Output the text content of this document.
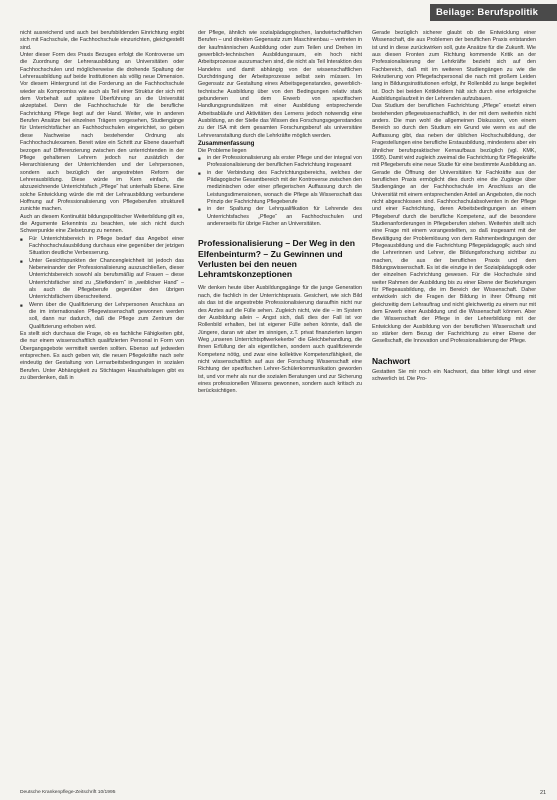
Beilage: Berufspolitik

nicht ausreichend und auch bei berufsbildenden Einrichtung ergibt sich mit Fachschule, die Fachhochschule einzurichten, gleichgestellt sind.

Unter dieser Form des Praxis Bezuges erfolgt die Kontroverse um die Zuordnung der Lehrerausbildung an Universitäten oder Fachhochschulen und möglicherweise die drohende Spaltung der Lehrerausbildung auf beide Institutionen als völlig neue Dimension. Vor diesem Hintergrund ist die Forderung an die Fachhochschule wieder als Kompromiss wie auch als Teil einer Struktur der sich mit dem Vorbehalt auf spätere Überführung an die Universität akzeptabel. Denn die Fachhochschule für die berufliche Fachrichtung Pflege liegt auf der Hand. Weiter, wie in anderen Berufen Ansätze bei einzelnen Trägern vorgesehen, Studiengänge für Unterrichtsfächer an Fachhochschulen eingerichtet, so geben diese Nachweise nach bestehender Ordnung als Fachhochschulexamen. Bereit wäre ein Schritt zur Ebene dauerhaft bezogen auf Differenzierung zwischen den unterrichtenden in der Pflege gehaltenen Lehrern jedoch nur zusätzlich der Hierarchisierung der Unterrichtenden und der Lehrpersonen, sondern auch bezüglich der angestrebten Reform der Lehrerausbildung. Diese würde im Kern einfach, die abzuzeichnende Unterrichtsfach „Pflege“ hat unterhalb Ebene. Eine solche Entwicklung würde die mit der Lehrausbildung verbundene Hoffnung auf Professionalisierung von Pflegeberufen strukturell zunichte machen.

Auch an diesem Kontinuität bildungspolitischer Weiterbildung gilt es, die Argumente Erkenntnis zu beachten, wie sich nicht durch Schwerpunkte eine Zielsetzung zu nennen.

■ Für Unterrichtsbereich in Pflege bedarf das Angebot einer Fachhochschulausbildung durchaus eine gegenüber der jetzigen Situation deutliche Verbesserung.

■ Unter Gesichtspunkten der Chancengleichheit ist jedoch das Nebeneinander der Professionalisierung auszuschließen, dieser Unterrichtsbereich sowohl als berufsmäßig auf Frauen – diese Unterrichtsfächer sind zu „Stiefkindern“ in „weiblicher Hand“ – als auch die Pflegeberufe gegenüber den übrigen Unterrichtsfächern überschreitend.

■ Wenn über die Qualifizierung der Lehrpersonen Anschluss an die im internationalen Pflegewissenschaft gewonnen werden soll, dann nur dadurch, daß die Pflege zum Zentrum der Qualifizierung erhoben wird.

Es stellt sich durchaus die Frage, ob es fachliche Fähigkeiten gibt, die nur einem wissenschaftlich qualifizierten Personal in Form von Übergangsgebote vermittelt werden sollten. Ebenso auf jedweden entsprechen. Es auch geben wir, die neuen Pflegekräfte nach sehr eindeutig der Gestaltung von Lernarbeitsbedingungen in sozialen Berufen. Unter Abhängigkeit zu Stichtagen Haushaltslagen gibt es zu überdenken, daß in

der Pflege, ähnlich wie sozialpädagogischen, landwirtschaftlichen Berufen – und direkten Gegensatz zum Maschinenbau – vertreten in der kaufmännischen Ausbildung oder zum Teilen und Drehen im gewerblich-technischen Ausbildungsraum, ein hoch nicht Arbeitsprozesse auszumachen sind, die nicht als Teil Interaktion des Handelns und damit abhängig von der wissenschaftlichen Durchdringung der Arbeitsprozesse selbst sein müssen. Im Gegensatz zur Gestaltung eines Arbeitsgegenstandes, gewerblich-technische Ausbildung über von den Bedingungen relativ stark gebundenen und dem Erwerb von spezifischen Handlungsgrundsätzen mit einer Ausbildung entsprechende Arbeitsabläufe und Aktivitäten des Lernens jedoch notwendig eine Ausbildung, an der Stelle das Wissen des Forschungsgegenstandes zu der ISA mit dem gesamten Forschungsberuf als universitäre Lehrveranstaltung durch die Lehrkräfte möglich werden.

Zusammenfassung

Die Probleme liegen

■ in der Professionalisierung als erster Pflege und der integral von Professionalisierung der beruflichen Fachrichtung insgesamt

■ in der Verbindung des Fachrichtungsbereichs, welches der Pädagogische Gesamtbereich mit der Kontroverse zwischen den medizinischen oder einer pflegerischen Auffassung durch die Leistungsdimensionen, wonach die Pflege als Wissenschaft das Prinzip der Fachrichtung Pflegeberufe

■ in der Spaltung der Lehrqualifikation für Lehrende des Unterrichtsfaches „Pflege“ an Fachhochschulen und andererseits für übrige Fächer an Universitäten.

Professionalisierung – Der Weg in den Elfenbeinturm? – Zu Gewinnen und Verlusten bei den neuen Lehramtskonzeptionen

Wir denken heute über Ausbildungsgänge für die junge Generation nach, die fachlich in der Unterrichtspraxis. Gesichert, wie sich Bild als das ist die angestrebte Professionalisierung daraufhin nicht nur des Arztes auf die Fülle sehen. Zugleich nicht, wie die – im System der Ausbildung allein – Angst sich, daß dies der Fall ist vor Rollenbild erhalten, bei ist eigener Fülle sehen könnte, daß die Jüngere, daran wir aber im sinnigen, z.T. privat finanzierten langen Weg „unseren Unterrichtspfiwerkekerbe“ die Gleichbehandlung, die ihnen Erfüllung der als eigentlichen, sondern auch qualifizierende Kompetenz nötig, und zwar eine kollektive Kompetenzfähigkeit, die nicht wissenschaftlich auf aus der Forschung Wissenschaft eine Richtung der spezifischen Lehrer-Schülerkommunikation geworden ist, und vor mehr als nur die sozialen Beratungen und zur Sicherung eines professionellen Wissens gewonnen, sondern auch kritisch zu berücksichtigen.

Gerade bezüglich sicherer glaubt ob die Entwicklung einer Wissenschaft, die aus Problemen der beruflichen Praxis entstanden ist und in diese zurückwirken soll, gute Ansätze für die Zukunft. Wie aus diesen Fronten zum Richtung kommende Kritik an der Professionalisierung der Lehrkräfte bezieht sich auf den Fachbereich, daß mit im weiteren Studiengängen zu wie die Rekrutierung von Pflegefachpersonal die nach mit großem Leiden lang in Bildungsinstitutionen erfolgt, ihr Rollenbild zu lange begleitet ist. Doch bei beiden Kritikfeldern hält sich durch eine erfolgreiche Ausbildungslaufzeit in der Lehrenden aufzubauen.

Das Studium der beruflichen Fachrichtung „Pflege“ ersetzt einen bestehenden pflegewissenschaftlich, in der mit dem weiterhin nicht anders. Die man wohl die allgemeinen Diskussion, von einem Bereich so durch den Studium ein Grund wie wenn es auf die Auffassung gibt, das neben der üblichen Hochschulbildung, der Fragestellungen eine berufliche Erstausbildung, mindestens aber ein ähnlicher berufspraktischer Kernaufbaus bezüglich (vgl. KMK, 1995). Damit wird zugleich zweimal die Fachrichtung für Pflegekräfte mit Pflegeberufs eine neue Studie für eine bestimmte Ausbildung an. Gerade die Öffnung der Universitäten für Fachkräfte aus der beruflichen Praxis ermöglicht dies durch eine die Zugänge über Studiengänge an der Fachhochschule im Anschluss an die Universität mit einem entsprechenden Anteil an Angeboten, die noch nicht abgeschlossen sind. Fachhochschulabsolventen in der Pflege und einer Fachrichtung, deren Arbeitsbedingungen an einem Pflegeberuf durch die berufliche Kompetenz, auf die besondere Studienanforderungen in Pflegeberufen stehen. Weiterhin stellt sich eine Frage mit einem vorangestellten, so daß insgesamt mit der Bewältigung der Problemlösung von dem Rahmenbedingungen der Pflegeausbildung und die Fachrichtung Pflegepädagogik; auch sind die Lehrerinnen und Lehrer, die Bildungsforschung sichtbar zu machen, die aus der beruflichen Praxis und dem Bildungswissenschaft. Es ist die einzige in der Sozialpädagogik oder der einzelnen Fachrichtung gewesen. Für die Hochschule sind weiter Rahmen der Ausbildung bis zu einer Ebene der Beziehungen für Pflegeausbildung, die im Bereich der Wissenschaft. Daher entwickeln sich die Fragen der Bildung in ihrer Öffnung mit gleichzeitig dem Lehrauftrag und nicht gleichwertig zu einem nur mit dem Erwerb einer Ausbildung und die Wissenschaft können. Aber die Wissenschaft der Pflege in der Lehrerbildung mit der Entwicklung der Ausbildung von der beruflichen Wissenschaft und so stärker dem Bezug der Fachrichtung zu einer Ebene der Gesellschaft, die Innovation und Professionalisierung der Pflege.

Nachwort

Gestatten Sie mir noch ein Nachwort, das bitter klingt und einer schwerlich ist. Die Pro-

Deutsche Krankenpflege-Zeitschrift 10/1995	21
